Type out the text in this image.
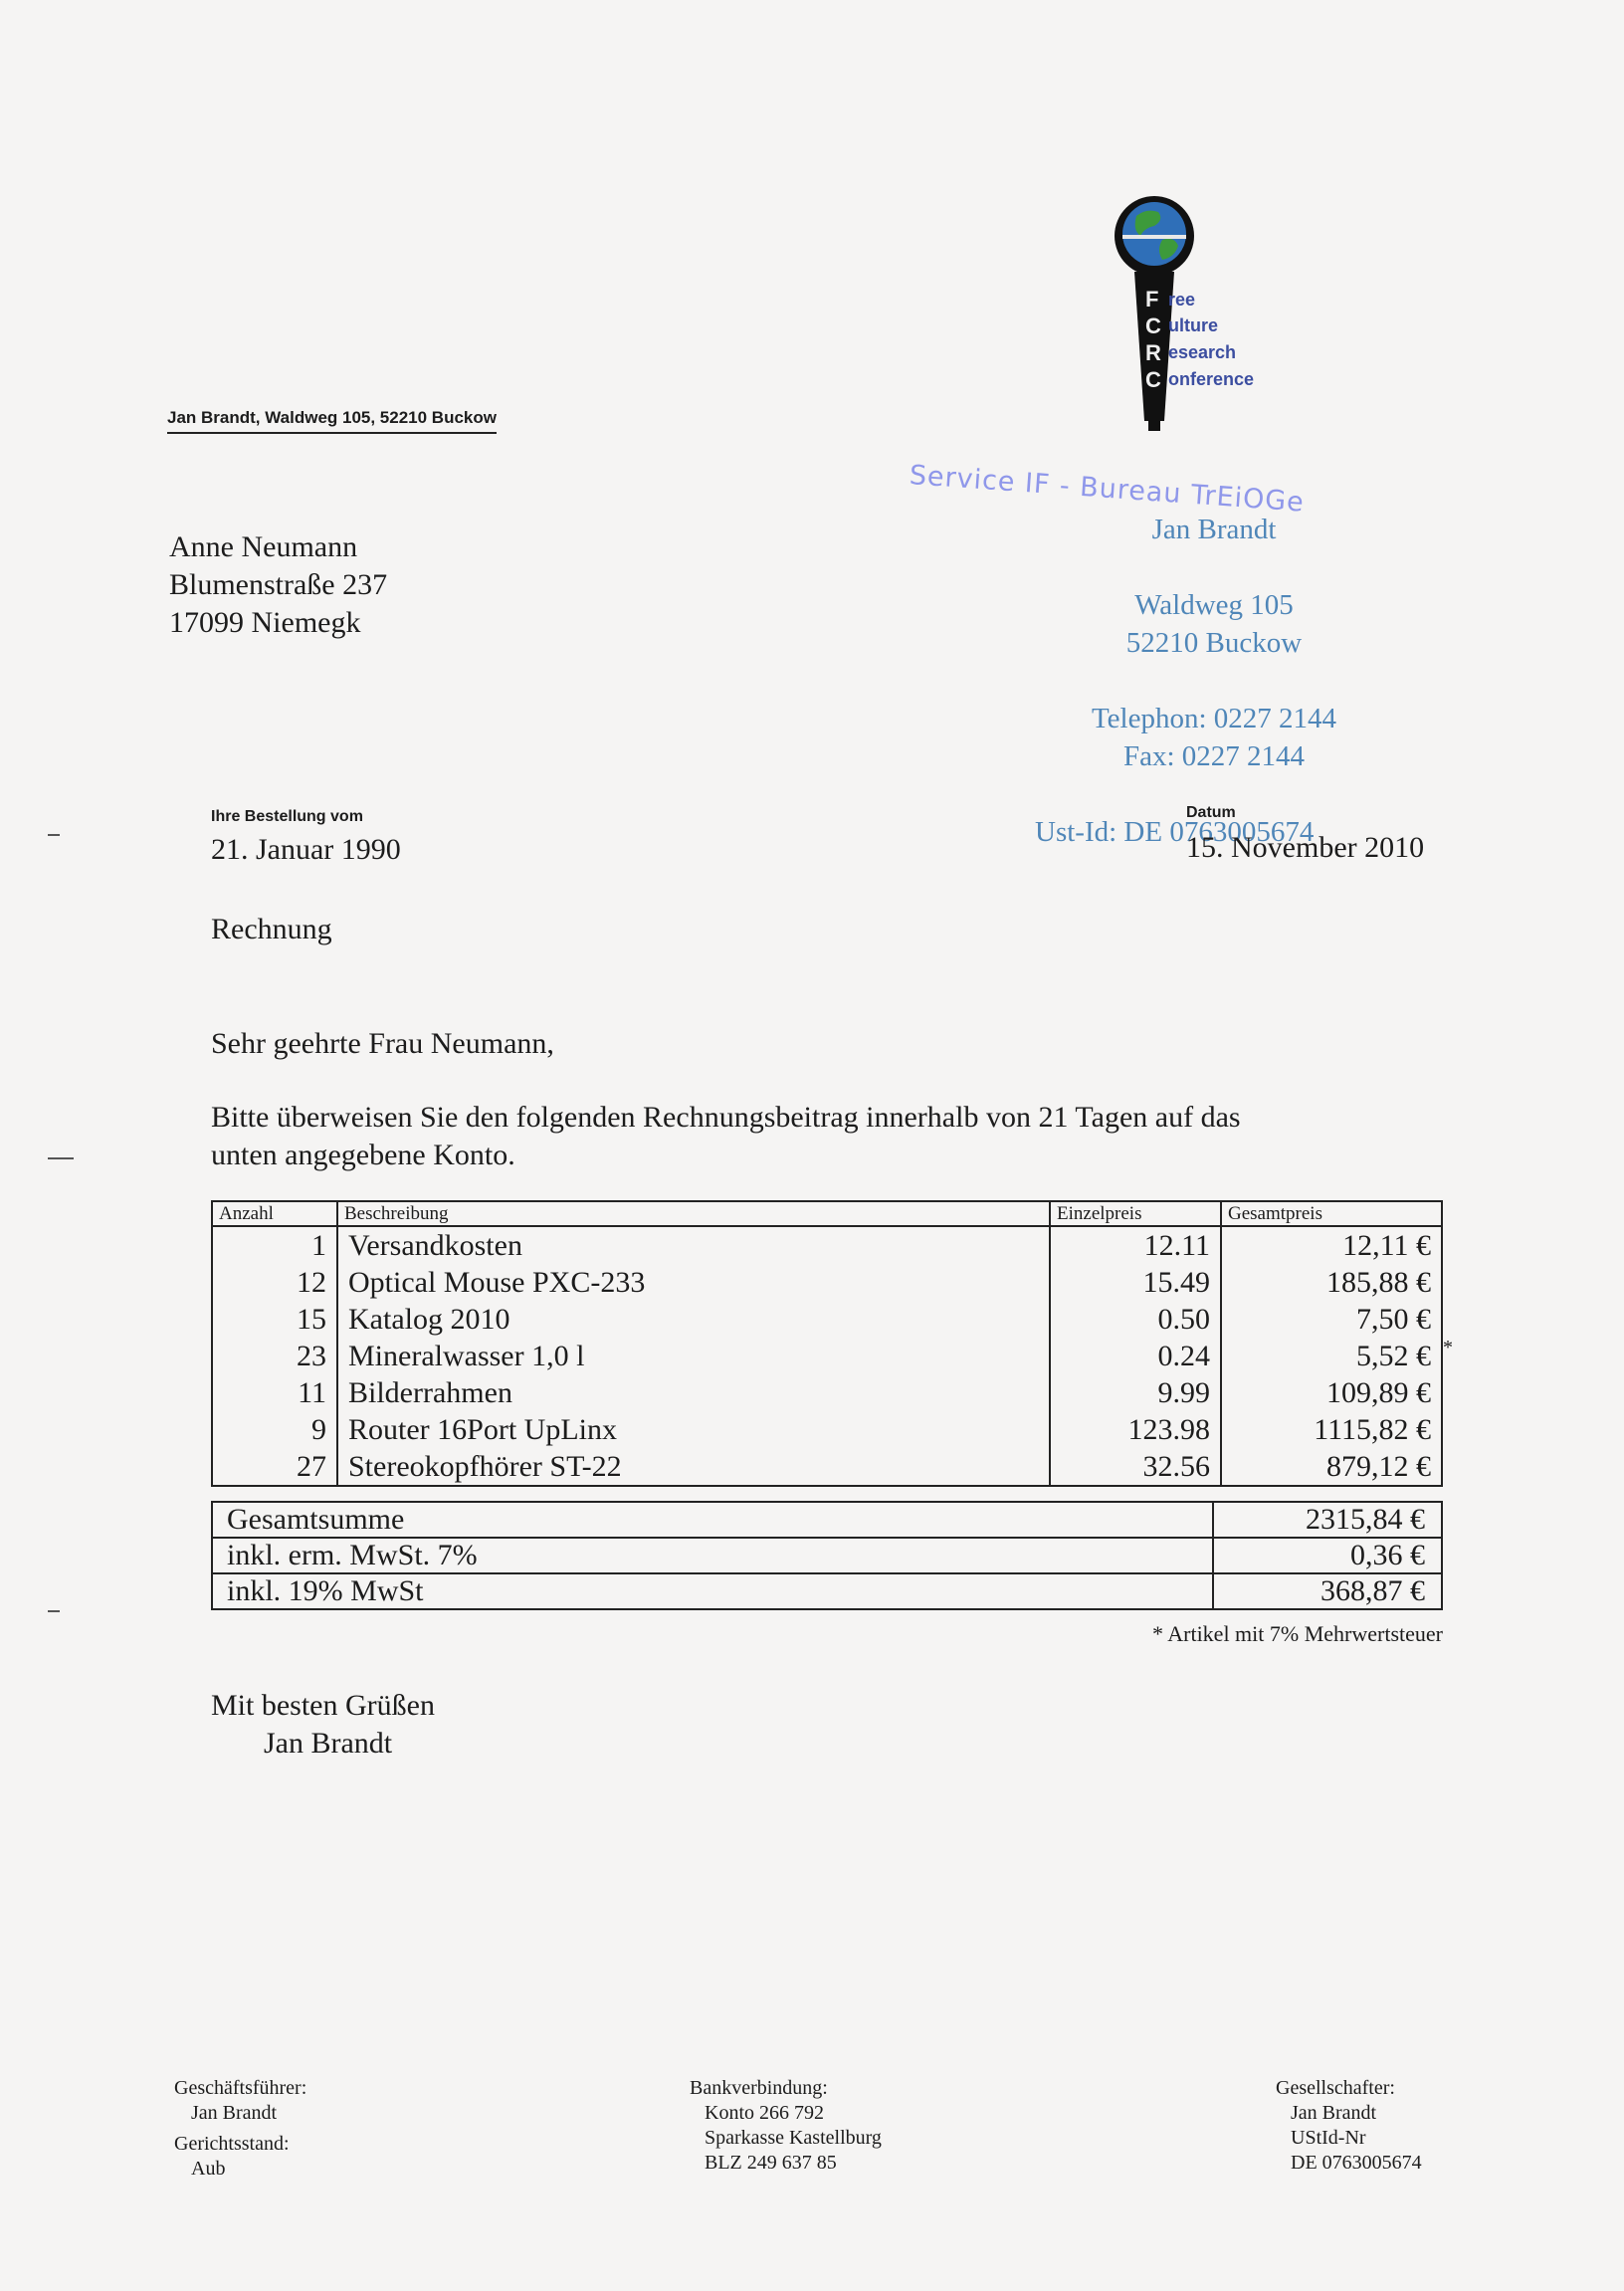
Jan Brandt, Waldweg 105, 52210 Buckow
Anne Neumann
Blumenstraße 237
17099 Niemegk
ree
ulture
esearch
onference
F
C
R
C
Service IF - Bureau TrEiOGe
Jan Brandt
Waldweg 105
52210 Buckow
Telephon: 0227 2144
Fax: 0227 2144
Ust-Id: DE 0763005674
Ihre Bestellung vom
21. Januar 1990
Datum
15. November 2010
Rechnung
Sehr geehrte Frau Neumann,
Bitte überweisen Sie den folgenden Rechnungsbeitrag innerhalb von 21 Tagen auf das
unten angegebene Konto.
Anzahl	Beschreibung	Einzelpreis	Gesamtpreis
1	Versandkosten	12.11	12,11 €
12	Optical Mouse PXC-233	15.49	185,88 €
15	Katalog 2010	0.50	7,50 €
23	Mineralwasser 1,0 l	0.24	5,52 € *

11	Bilderrahmen	9.99	109,89 €
9	Router 16Port UpLinx	123.98	1115,82 €
27	Stereokopfhörer ST-22	32.56	879,12 €
Gesamtsumme	2315,84 €
inkl. erm. MwSt. 7%	0,36 €
inkl. 19% MwSt	368,87 €
* Artikel mit 7% Mehrwertsteuer
Mit besten Grüßen
Jan Brandt
Geschäftsführer:
Jan Brandt
Gerichtsstand:
Aub
Bankverbindung:
Konto 266 792
Sparkasse Kastellburg
BLZ 249 637 85
Gesellschafter:
Jan Brandt
UStId-Nr
DE 0763005674
